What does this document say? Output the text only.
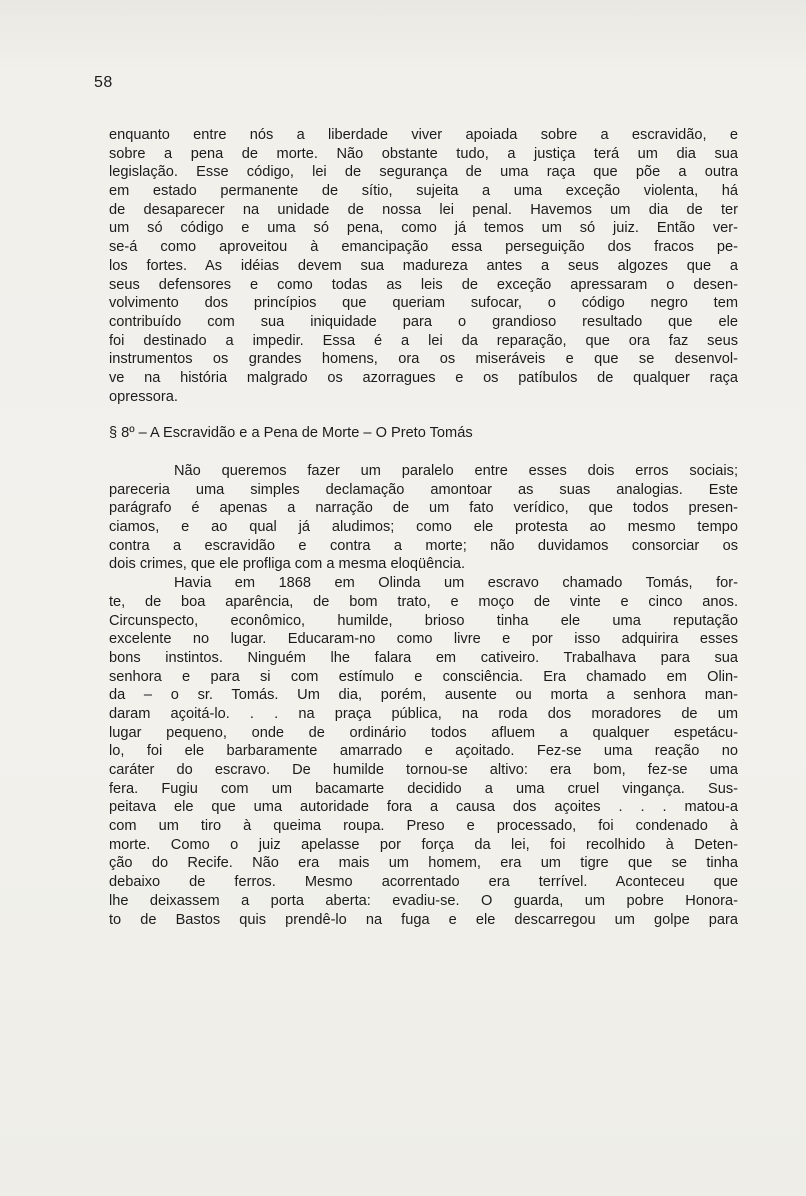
58
enquanto entre nós a liberdade viver apoiada sobre a escravidão, e
sobre a pena de morte. Não obstante tudo, a justiça terá um dia sua
legislação. Esse código, lei de segurança de uma raça que põe a outra
em estado permanente de sítio, sujeita a uma exceção violenta, há
de desaparecer na unidade de nossa lei penal. Havemos um dia de ter
um só código e uma só pena, como já temos um só juiz. Então ver-
se-á como aproveitou à emancipação essa perseguição dos fracos pe-
los fortes. As idéias devem sua madureza antes a seus algozes que a
seus defensores e como todas as leis de exceção apressaram o desen-
volvimento dos princípios que queriam sufocar, o código negro tem
contribuído com sua iniquidade para o grandioso resultado que ele
foi destinado a impedir. Essa é a lei da reparação, que ora faz seus
instrumentos os grandes homens, ora os miseráveis e que se desenvol-
ve na história malgrado os azorragues e os patíbulos de qualquer raça
opressora.
§ 8º – A Escravidão e a Pena de Morte – O Preto Tomás
Não queremos fazer um paralelo entre esses dois erros sociais;
pareceria uma simples declamação amontoar as suas analogias. Este
parágrafo é apenas a narração de um fato verídico, que todos presen-
ciamos, e ao qual já aludimos; como ele protesta ao mesmo tempo
contra a escravidão e contra a morte; não duvidamos consorciar os
dois crimes, que ele profliga com a mesma eloqüência.
Havia em 1868 em Olinda um escravo chamado Tomás, for-
te, de boa aparência, de bom trato, e moço de vinte e cinco anos.
Circunspecto, econômico, humilde, brioso tinha ele uma reputação
excelente no lugar. Educaram-no como livre e por isso adquirira esses
bons instintos. Ninguém lhe falara em cativeiro. Trabalhava para sua
senhora e para si com estímulo e consciência. Era chamado em Olin-
da – o sr. Tomás. Um dia, porém, ausente ou morta a senhora man-
daram açoitá-lo. . . na praça pública, na roda dos moradores de um
lugar pequeno, onde de ordinário todos afluem a qualquer espetácu-
lo, foi ele barbaramente amarrado e açoitado. Fez-se uma reação no
caráter do escravo. De humilde tornou-se altivo: era bom, fez-se uma
fera. Fugiu com um bacamarte decidido a uma cruel vingança. Sus-
peitava ele que uma autoridade fora a causa dos açoites . . . matou-a
com um tiro à queima roupa. Preso e processado, foi condenado à
morte. Como o juiz apelasse por força da lei, foi recolhido à Deten-
ção do Recife. Não era mais um homem, era um tigre que se tinha
debaixo de ferros. Mesmo acorrentado era terrível. Aconteceu que
lhe deixassem a porta aberta: evadiu-se. O guarda, um pobre Honora-
to de Bastos quis prendê-lo na fuga e ele descarregou um golpe para
